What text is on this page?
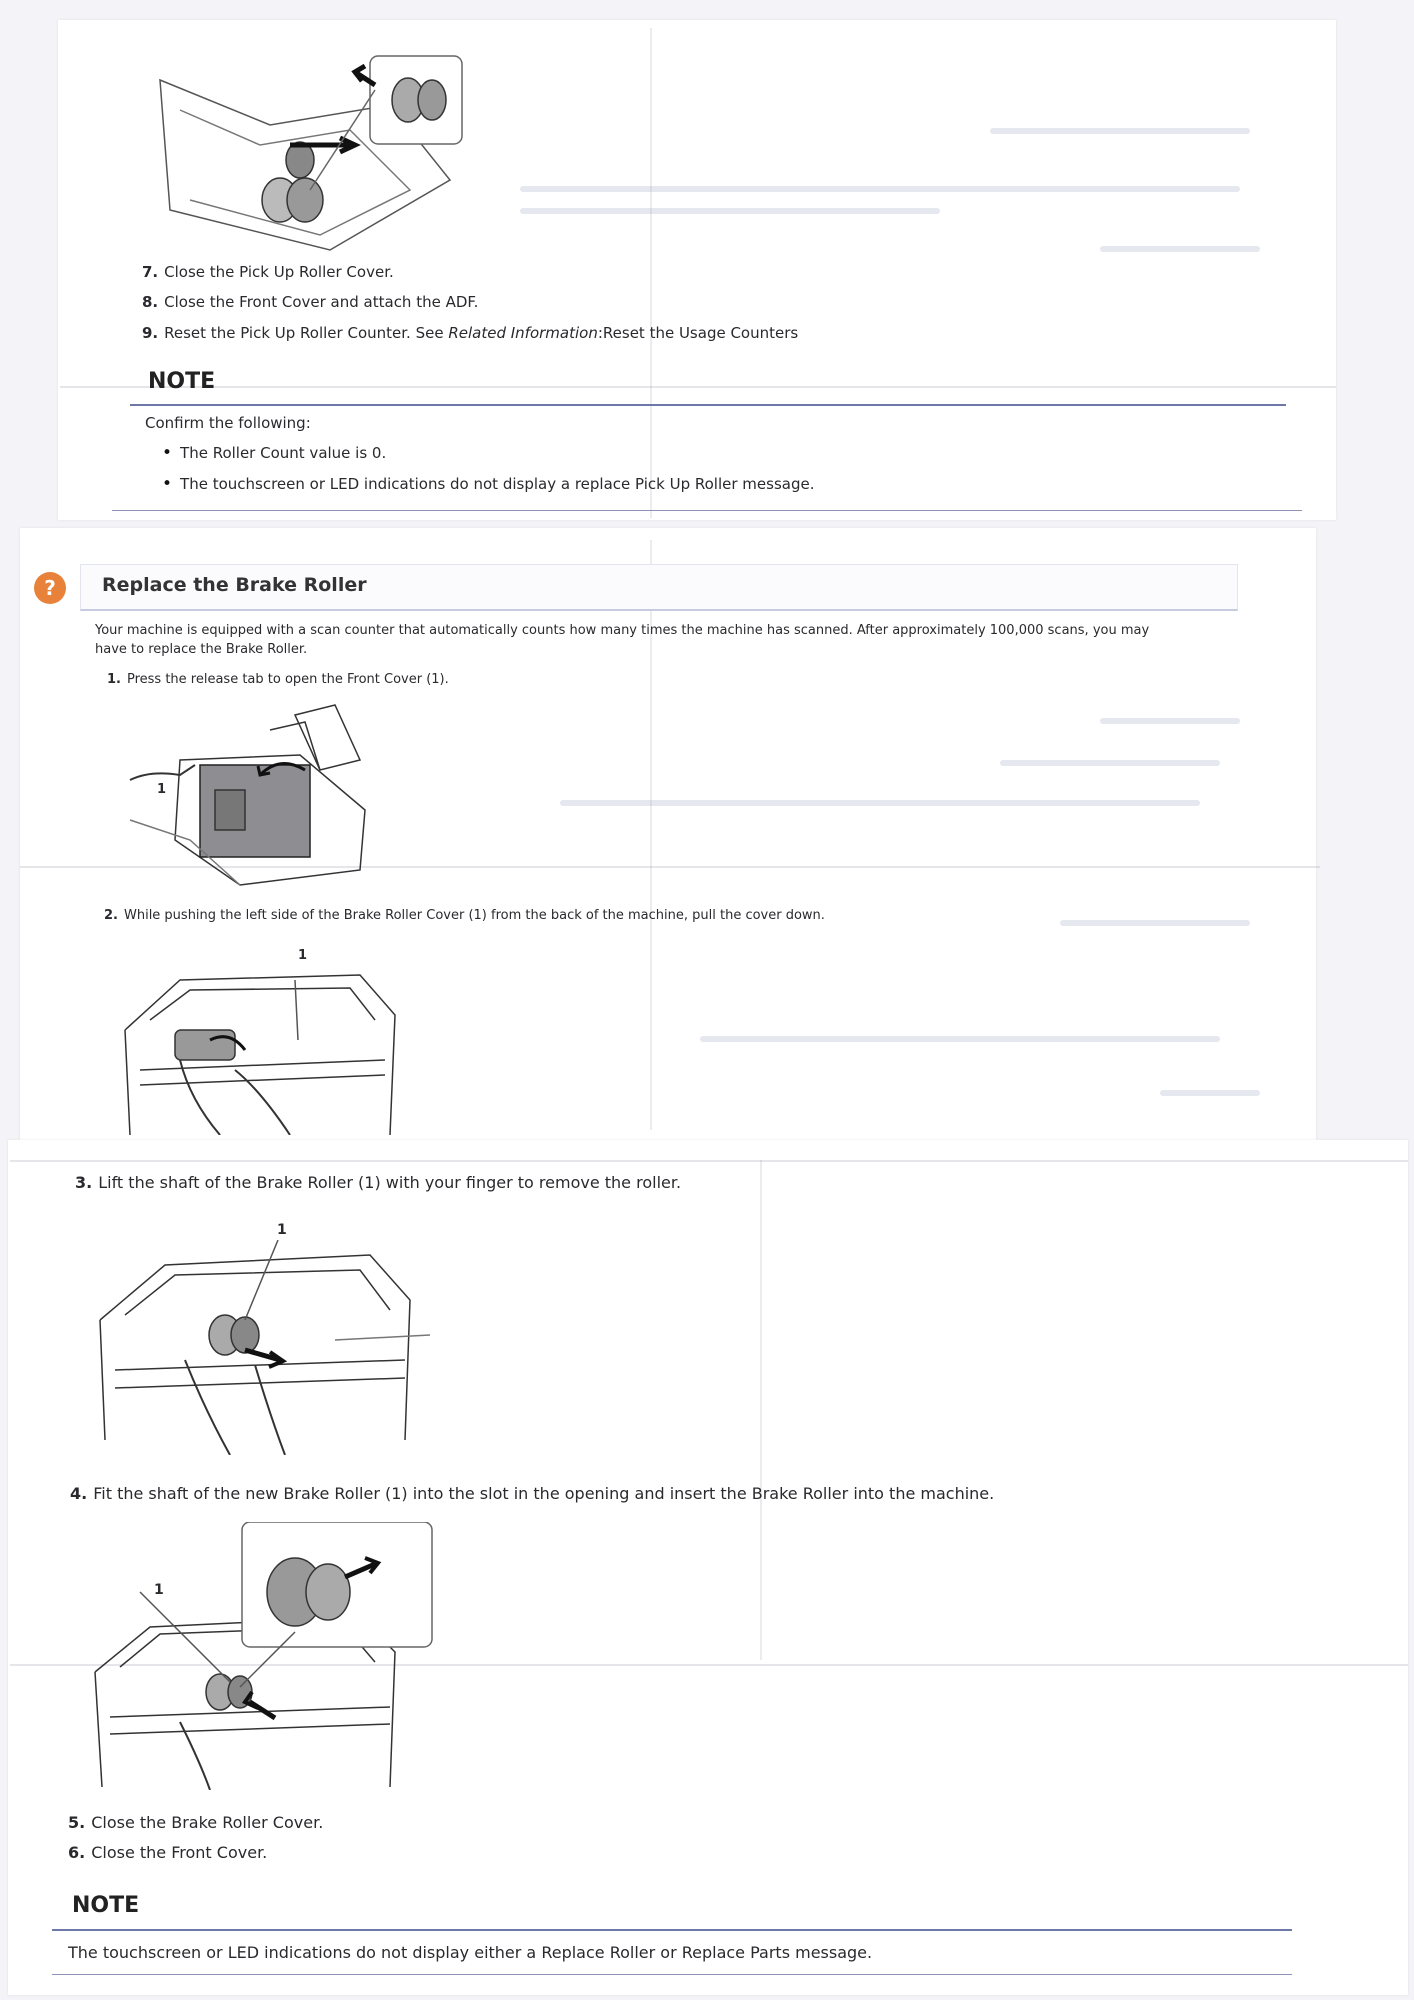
7. Close the Pick Up Roller Cover.
8. Close the Front Cover and attach the ADF.
9. Reset the Pick Up Roller Counter. See Related Information:Reset the Usage Counters
NOTE
Confirm the following:
• The Roller Count value is 0.
• The touchscreen or LED indications do not display a replace Pick Up Roller message.
?	Replace the Brake Roller
Your machine is equipped with a scan counter that automatically counts how many times the machine has scanned. After approximately 100,000 scans, you may
have to replace the Brake Roller.
1. Press the release tab to open the Front Cover (1).
1
2. While pushing the left side of the Brake Roller Cover (1) from the back of the machine, pull the cover down.
1
3. Lift the shaft of the Brake Roller (1) with your finger to remove the roller.
1
4. Fit the shaft of the new Brake Roller (1) into the slot in the opening and insert the Brake Roller into the machine.
1
5. Close the Brake Roller Cover.
6. Close the Front Cover.
NOTE
The touchscreen or LED indications do not display either a Replace Roller or Replace Parts message.
